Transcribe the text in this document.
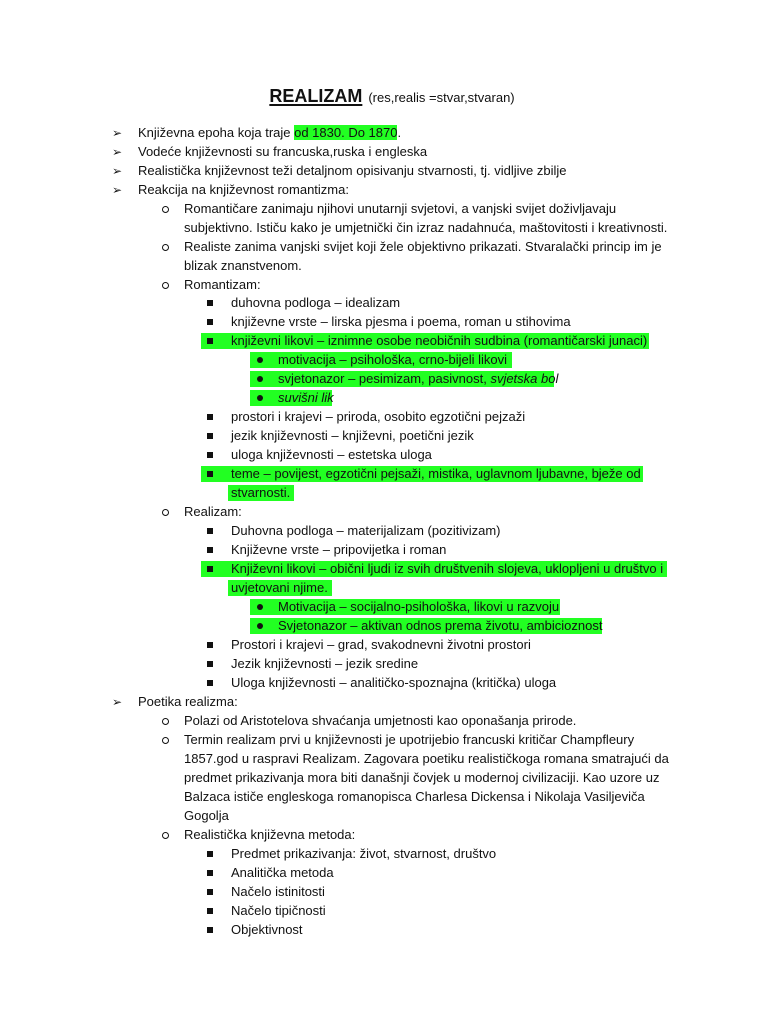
REALIZAM (res,realis =stvar,stvaran)
➢ Književna epoha koja traje od 1830. Do 1870.
➢ Vodeće književnosti su francuska,ruska i engleska
➢ Realistička književnost teži detaljnom opisivanju stvarnosti, tj. vidljive zbilje
➢ Reakcija na književnost romantizma:
Romantičare zanimaju njihovi unutarnji svjetovi, a vanjski svijet doživljavaju
subjektivno. Ističu kako je umjetnički čin izraz nadahnuća, maštovitosti i kreativnosti.
Realiste zanima vanjski svijet koji žele objektivno prikazati. Stvaralački princip im je
blizak znanstvenom.
Romantizam:
duhovna podloga – idealizam
književne vrste – lirska pjesma i poema, roman u stihovima
književni likovi – iznimne osobe neobičnih sudbina (romantičarski junaci)
motivacija – psihološka, crno-bijeli likovi
svjetonazor – pesimizam, pasivnost, svjetska bol
suvišni lik
prostori i krajevi – priroda, osobito egzotični pejzaži
jezik književnosti – književni, poetični jezik
uloga književnosti – estetska uloga
teme – povijest, egzotični pejsaži, mistika, uglavnom ljubavne, bježe od
stvarnosti.
Realizam:
Duhovna podloga – materijalizam (pozitivizam)
Književne vrste – pripovijetka i roman
Književni likovi – obični ljudi iz svih društvenih slojeva, uklopljeni u društvo i
uvjetovani njime.
Motivacija – socijalno-psihološka, likovi u razvoju
Svjetonazor – aktivan odnos prema životu, ambicioznost
Prostori i krajevi – grad, svakodnevni životni prostori
Jezik književnosti – jezik sredine
Uloga književnosti – analitičko-spoznajna (kritička) uloga
➢ Poetika realizma:
Polazi od Aristotelova shvaćanja umjetnosti kao oponašanja prirode.
Termin realizam prvi u književnosti je upotrijebio francuski kritičar Champfleury
1857.god u raspravi Realizam. Zagovara poetiku realističkoga romana smatrajući da
predmet prikazivanja mora biti današnji čovjek u modernoj civilizaciji. Kao uzore uz
Balzaca ističe engleskoga romanopisca Charlesa Dickensa i Nikolaja Vasiljeviča
Gogolja
Realistička književna metoda:
Predmet prikazivanja: život, stvarnost, društvo
Analitička metoda
Načelo istinitosti
Načelo tipičnosti
Objektivnost
